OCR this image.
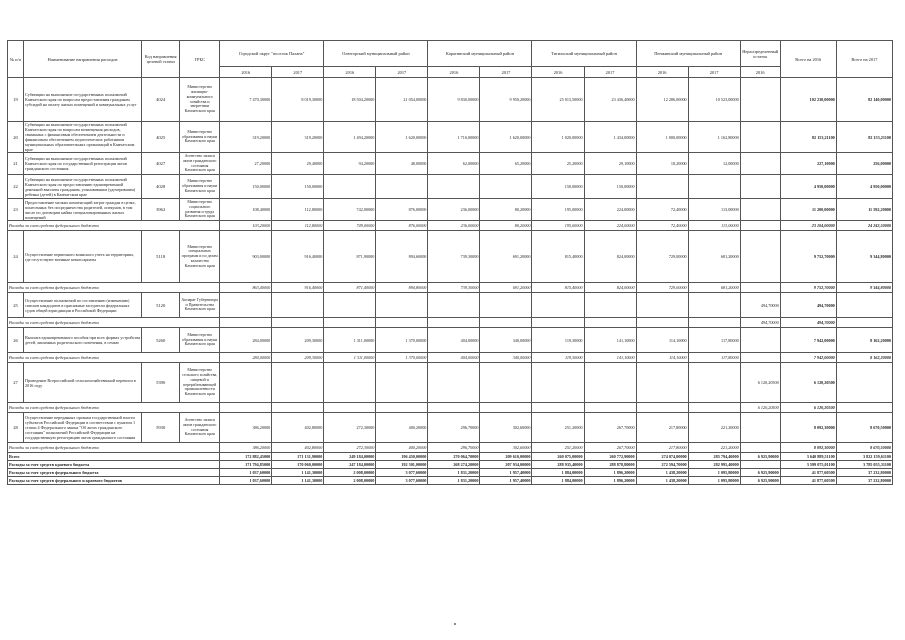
№ п/п	Наименование направления расходов	Код направления целевой статьи	ГРБС	Городской округ "поселок Палана"		Олюторский муниципальный район		Карагинский муниципальный район		Тигильский муниципальный район		Пенжинский муниципальный район		Нераспределенный остаток	Всего на 2016	Всего на 2017
				2016	2017	2016	2017	2016	2017	2016	2017	2016	2017	2016		
19	Субвенции на выполнение государственных полномочий Камчатского края по вопросам предоставления гражданам субсидий на оплату жилых помещений и коммунальных услуг	4024	Министерство жилищно-коммунального хозяйства и энергетики Камчатского края	7 470,30000	8 019,30000	18 504,20000	21 054,00000	9 830,00000	9 950,20000	25 013,50000	23 436,40000	12 286,00000	10 523,00000		102 230,00000	82 140,00000
20	Субвенции на выполнение государственных полномочий Камчатского края по вопросам возмещения расходов, связанных с финансовым обеспечением деятельности и финансовым обеспечением педагогических работников муниципальных образовательных организаций в Камчатском крае	4025	Министерство образования и науки Камчатского края	319,20000	319,20000	1 494,20000	1 620,00000	1 716,00000	1 620,00000	1 020,00000	1 434,00000	1 000,00000	1 162,80000		82 153,21100	82 153,21100
21	Субвенции на выполнение государственных полномочий Камчатского края по государственной регистрации актов гражданского состояния	4027	Агентство записи актов гражданского состояния Камчатского края	27,20000	29,40000	94,20000	48,00000	62,00000	65,20000	25,20000	29,10000	18,20000	12,00000		227,10000	256,00000
22	Субвенции на выполнение государственных полномочий Камчатского края по предоставлению единовременной денежной выплаты гражданам, усыновившим (удочерившим) ребенка (детей) в Камчатском крае	4028	Министерство образования и науки Камчатского края	150,00000	150,00000					150,00000	150,00000				4 950,00000	4 950,00000
23	Предоставление мелких компенсаций затрат граждан в целях, понесенных без посредничества родителей, опекунов, в том числе по договорам найма специализированных жилых помещений	3962	Министерство социального развития и труда Камчатского края	108,40000	112,80000	742,00000	876,00000	236,00000	80,20000	195,00000	224,00000	72,40000	113,00000		11 200,00000	11 592,20000
Расходы за счет средств федерального бюджета				103,20000	112,80000	749,00000	876,00000	236,00000	80,20000	195,00000	224,00000	72,40000	113,00000		23 104,00000	24 242,50000
24	Осуществление первичного воинского учета на территориях, где отсутствуют военные комиссариаты	5118	Министерство специальных программ и по делам казачества Камчатского края	903,00000	916,40000	871,90000	894,60000	739,30000	691,20000	815,40000	824,00000	729,00000	681,20000		9 752,70000	9 344,80000
Расходы за счет средств федерального бюджета				863,40000	916,40000	871,40000	894,80000	739,30000	691,20000	815,40000	824,00000	729,00000	681,20000		9 752,70000	9 344,80000
25	Осуществление полномочий по составлению (изменению) списков кандидатов в присяжные заседатели федеральных судов общей юрисдикции в Российской Федерации	5120	Аппарат Губернатора и Правительства Камчатского края											494,70000	494,70000	
Расходы за счет средств федерального бюджета														494,70000	494,70000	
26	Выплата единовременного пособия при всех формах устройства детей, лишенных родительского попечения, в семью	5260	Министерство образования и науки Камчатского края	284,00000	209,30000	1 311,00000	1 370,00000	404,00000	340,00000	119,30000	141,10000	114,10000	117,80000		7 942,00000	8 162,20000
Расходы за счет средств федерального бюджета				284,00000	209,30000	1 311,00000	1 370,00000	404,00000	340,00000	119,30000	141,10000	114,10000	117,80000		7 942,00000	8 162,20000
27	Проведение Всероссийской сельскохозяйственной переписи в 2016 году	5390	Министерство сельского хозяйства, пищевой и перерабатывающей промышленности Камчатского края											6 120,20500	6 120,20500	
Расходы за счет средств федерального бюджета														6 120,20500	6 120,20500	
28	Осуществление переданных органам государственной власти субъектов Российской Федерации в соответствии с пунктом 1 статьи 4 Федерального закона "Об актах гражданского состояния" полномочий Российской Федерации на государственную регистрацию актов гражданского состояния	5930	Агентство записи актов гражданского состояния Камчатского края	386,20000	402,80000	272,30000	400,20000	296,70000	302,60000	251,20000	267,70000	217,80000	221,20000		8 092,30000	8 670,50000
Расходы за счет средств федерального бюджета				386,20000	402,80000	272,30000	400,20000	296,70000	302,60000	251,20000	267,70000	217,80000	221,20000		8 092,30000	8 670,50000
Всего				172 882,45000	171 131,90000	249 184,00000	196 450,00000	270 064,70000	209 610,00000	260 075,00000	260 772,90000	274 074,00000	285 794,40000	6 925,90000	3 640 889,51100	3 822 159,61100
Расходы за счет средств краевого бюджета				171 794,85000	170 060,00000	247 184,00000	192 301,00000	268 274,20000	207 934,00000	288 935,40000	288 878,80000	272 594,70000	282 995,40000		3 599 075,01100	3 785 055,31100
Расходы за счет средств федерального бюджета				1 037,60000	1 141,30000	2 008,00000	3 077,60000	1 831,20000	1 957,40000	1 884,00000	1 896,20000	1 438,20000	1 095,80000	6 925,90000	41 877,60500	37 232,80000
Расходы за счет средств федерального и краевого бюджетов				1 037,60000	1 141,30000	2 008,00000	3 077,60000	1 831,20000	1 957,40000	1 884,00000	1 896,20000	1 438,20000	1 095,80000	6 925,90000	41 877,60500	37 232,80000
